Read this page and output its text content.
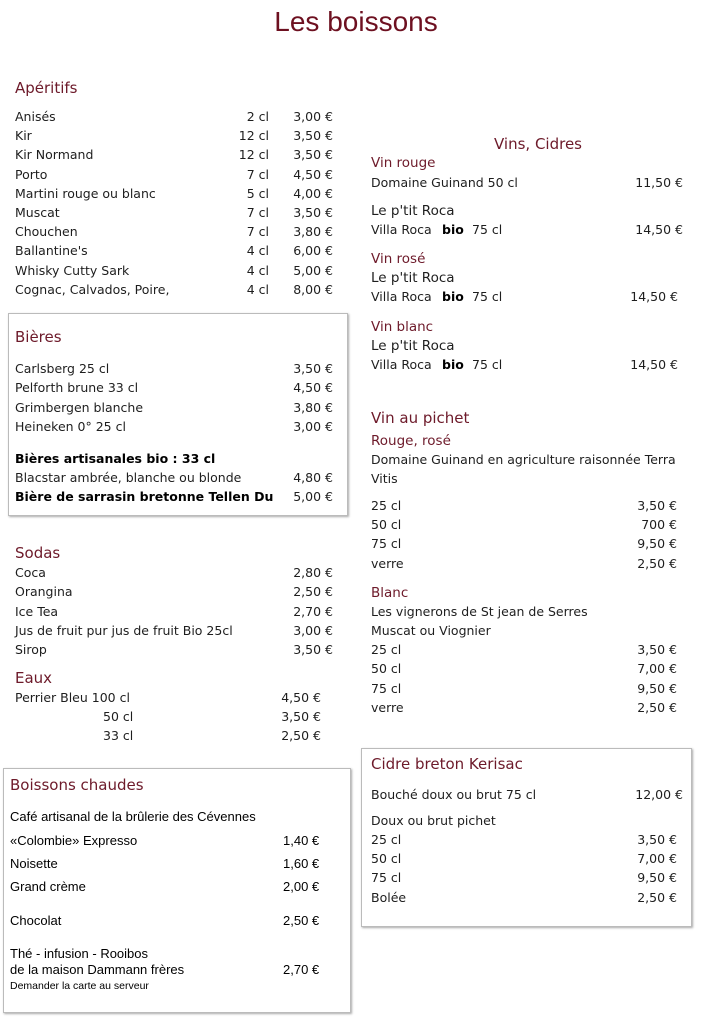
Les boissons
Apéritifs
Anisés	2 cl 3,00 €
Kir	12 cl 3,50 €
Kir Normand	12 cl 3,50 €
Porto	7 cl 4,50 €
Martini rouge ou blanc	5 cl 4,00 €
Muscat	7 cl 3,50 €
Chouchen	7 cl 3,80 €
Ballantine's	4 cl 6,00 €
Whisky Cutty Sark	4 cl 5,00 €
Cognac, Calvados, Poire,	4 cl 8,00 €
Bières
Carlsberg 25 cl	3,50 €
Pelforth brune 33 cl	4,50 €
Grimbergen blanche	3,80 €
Heineken 0° 25 cl	3,00 €
Bières artisanales bio : 33 cl
Blacstar ambrée, blanche ou blonde	4,80 €
Bière de sarrasin bretonne Tellen Du 5,00 €
Sodas
Coca	2,80 €
Orangina	2,50 €
Ice Tea	2,70 €
Jus de fruit pur jus de fruit Bio 25cl	3,00 €
Sirop	3,50 €
Eaux
Perrier Bleu 100 cl	4,50 €
50 cl	3,50 €
33 cl	2,50 €
Boissons chaudes
Café artisanal de la brûlerie des Cévennes
«Colombie» Expresso	1,40 €
Noisette	1,60 €
Grand crème	2,00 €
Chocolat	2,50 €
Thé - infusion - Rooibos
de la maison Dammann frères	2,70 €
Demander la carte au serveur
Vins, Cidres
Vin rouge
Domaine Guinand 50 cl	11,50 €
Le p'tit Roca
Villa Roca bio 75 cl	14,50 €
Vin rosé
Le p'tit Roca
Villa Roca bio 75 cl	14,50 €
Vin blanc
Le p'tit Roca
Villa Roca bio 75 cl	14,50 €
Vin au pichet
Rouge, rosé
Domaine Guinand en agriculture raisonnée Terra
Vitis
25 cl	3,50 €
50 cl	700 €
75 cl	9,50 €
verre	2,50 €
Blanc
Les vignerons de St jean de Serres
Muscat ou Viognier
25 cl	3,50 €
50 cl	7,00 €
75 cl	9,50 €
verre	2,50 €
Cidre breton Kerisac
Bouché doux ou brut 75 cl	12,00 €
Doux ou brut pichet
25 cl	3,50 €
50 cl	7,00 €
75 cl	9,50 €
Bolée	2,50 €
